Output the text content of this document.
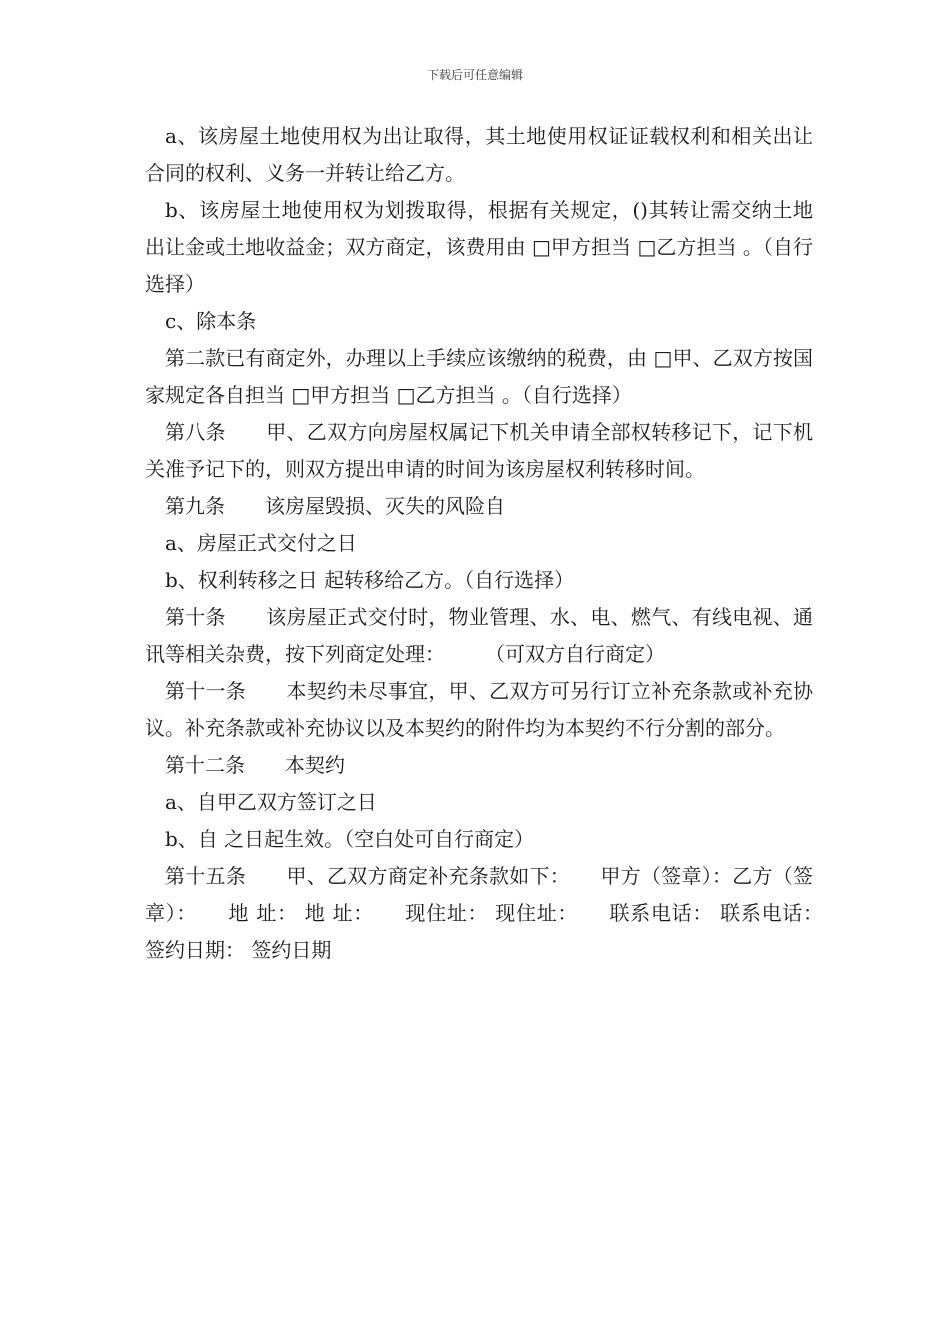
下载后可任意编辑

a、该房屋土地使用权为出让取得，其土地使用权证证载权利和相关出让合同的权利、义务一并转让给乙方。

b、该房屋土地使用权为划拨取得，根据有关规定，()其转让需交纳土地出让金或土地收益金；双方商定，该费用由 □甲方担当 □乙方担当 。（自行选择）

c、除本条

第二款已有商定外，办理以上手续应该缴纳的税费，由 □甲、乙双方按国家规定各自担当 □甲方担当 □乙方担当 。（自行选择）

第八条　　甲、乙双方向房屋权属记下机关申请全部权转移记下，记下机关准予记下的，则双方提出申请的时间为该房屋权利转移时间。

第九条　　该房屋毁损、灭失的风险自

a、房屋正式交付之日

b、权利转移之日 起转移给乙方。（自行选择）

第十条　　该房屋正式交付时，物业管理、水、电、燃气、有线电视、通讯等相关杂费，按下列商定处理：　　　（可双方自行商定）

第十一条　　本契约未尽事宜，甲、乙双方可另行订立补充条款或补充协议。补充条款或补充协议以及本契约的附件均为本契约不行分割的部分。

第十二条　　本契约

a、自甲乙双方签订之日

b、自 之日起生效。（空白处可自行商定）

第十五条　　甲、乙双方商定补充条款如下：　　甲方（签章）：乙方（签章）：　　地 址： 地 址：　　现住址： 现住址：　　联系电话： 联系电话：　　签约日期： 签约日期
